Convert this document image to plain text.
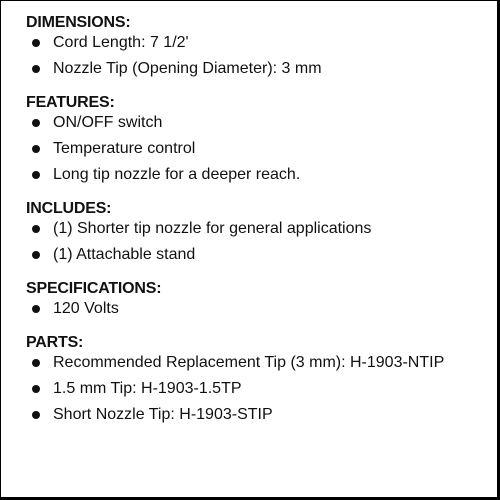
DIMENSIONS:
Cord Length: 7 1/2'
Nozzle Tip (Opening Diameter): 3 mm
FEATURES:
ON/OFF switch
Temperature control
Long tip nozzle for a deeper reach.
INCLUDES:
(1) Shorter tip nozzle for general applications
(1) Attachable stand
SPECIFICATIONS:
120 Volts
PARTS:
Recommended Replacement Tip (3 mm): H-1903-NTIP
1.5 mm Tip: H-1903-1.5TP
Short Nozzle Tip: H-1903-STIP
